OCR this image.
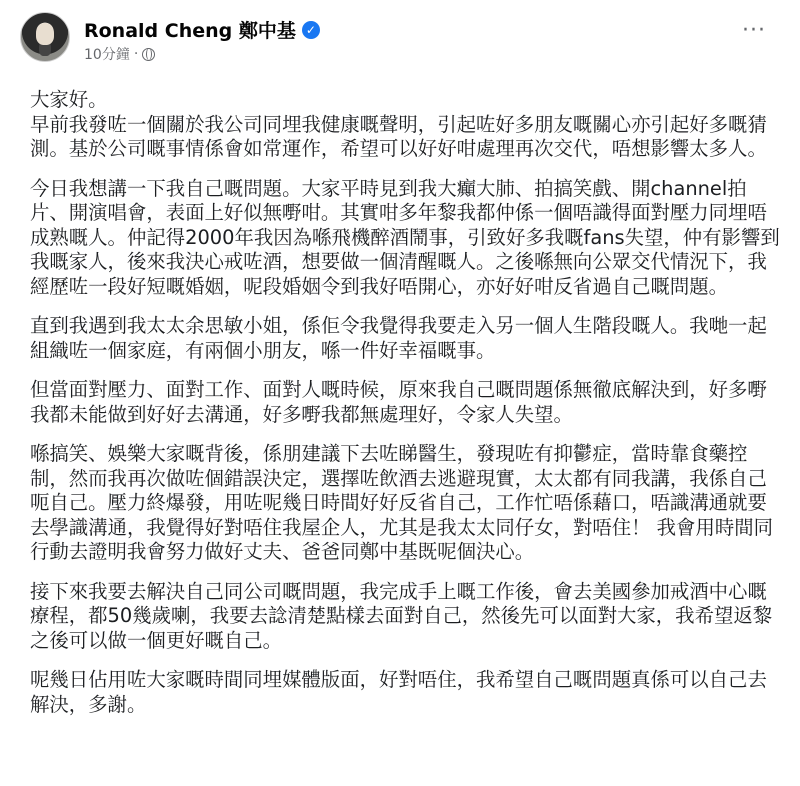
Ronald Cheng 鄭中基 ✓
10分鐘 ·
···

大家好。

早前我發咗一個關於我公司同埋我健康嘅聲明，引起咗好多朋友嘅關心亦引起好多嘅猜測。基於公司嘅事情係會如常運作，希望可以好好咁處理再次交代，唔想影響太多人。

今日我想講一下我自己嘅問題。大家平時見到我大癲大肺、拍搞笑戲、開channel拍片、開演唱會，表面上好似無嘢咁。其實咁多年黎我都仲係一個唔識得面對壓力同埋唔成熟嘅人。仲記得2000年我因為喺飛機醉酒鬧事，引致好多我嘅fans失望，仲有影響到我嘅家人，後來我決心戒咗酒，想要做一個清醒嘅人。之後喺無向公眾交代情況下，我經歷咗一段好短嘅婚姻，呢段婚姻令到我好唔開心，亦好好咁反省過自己嘅問題。

直到我遇到我太太余思敏小姐，係佢令我覺得我要走入另一個人生階段嘅人。我哋一起組織咗一個家庭，有兩個小朋友，喺一件好幸福嘅事。

但當面對壓力、面對工作、面對人嘅時候，原來我自己嘅問題係無徹底解決到，好多嘢我都未能做到好好去溝通，好多嘢我都無處理好，令家人失望。

喺搞笑、娛樂大家嘅背後，係朋建議下去咗睇醫生，發現咗有抑鬱症，當時靠食藥控制，然而我再次做咗個錯誤決定，選擇咗飲酒去逃避現實，太太都有同我講，我係自己呃自己。壓力終爆發，用咗呢幾日時間好好反省自己，工作忙唔係藉口，唔識溝通就要去學識溝通，我覺得好對唔住我屋企人，尤其是我太太同仔女，對唔住！ 我會用時間同行動去證明我會努力做好丈夫、爸爸同鄭中基既呢個決心。

接下來我要去解決自己同公司嘅問題，我完成手上嘅工作後，會去美國參加戒酒中心嘅療程，都50幾歲喇，我要去諗清楚點樣去面對自己，然後先可以面對大家，我希望返黎之後可以做一個更好嘅自己。

呢幾日佔用咗大家嘅時間同埋媒體版面，好對唔住，我希望自己嘅問題真係可以自己去解決，多謝。
